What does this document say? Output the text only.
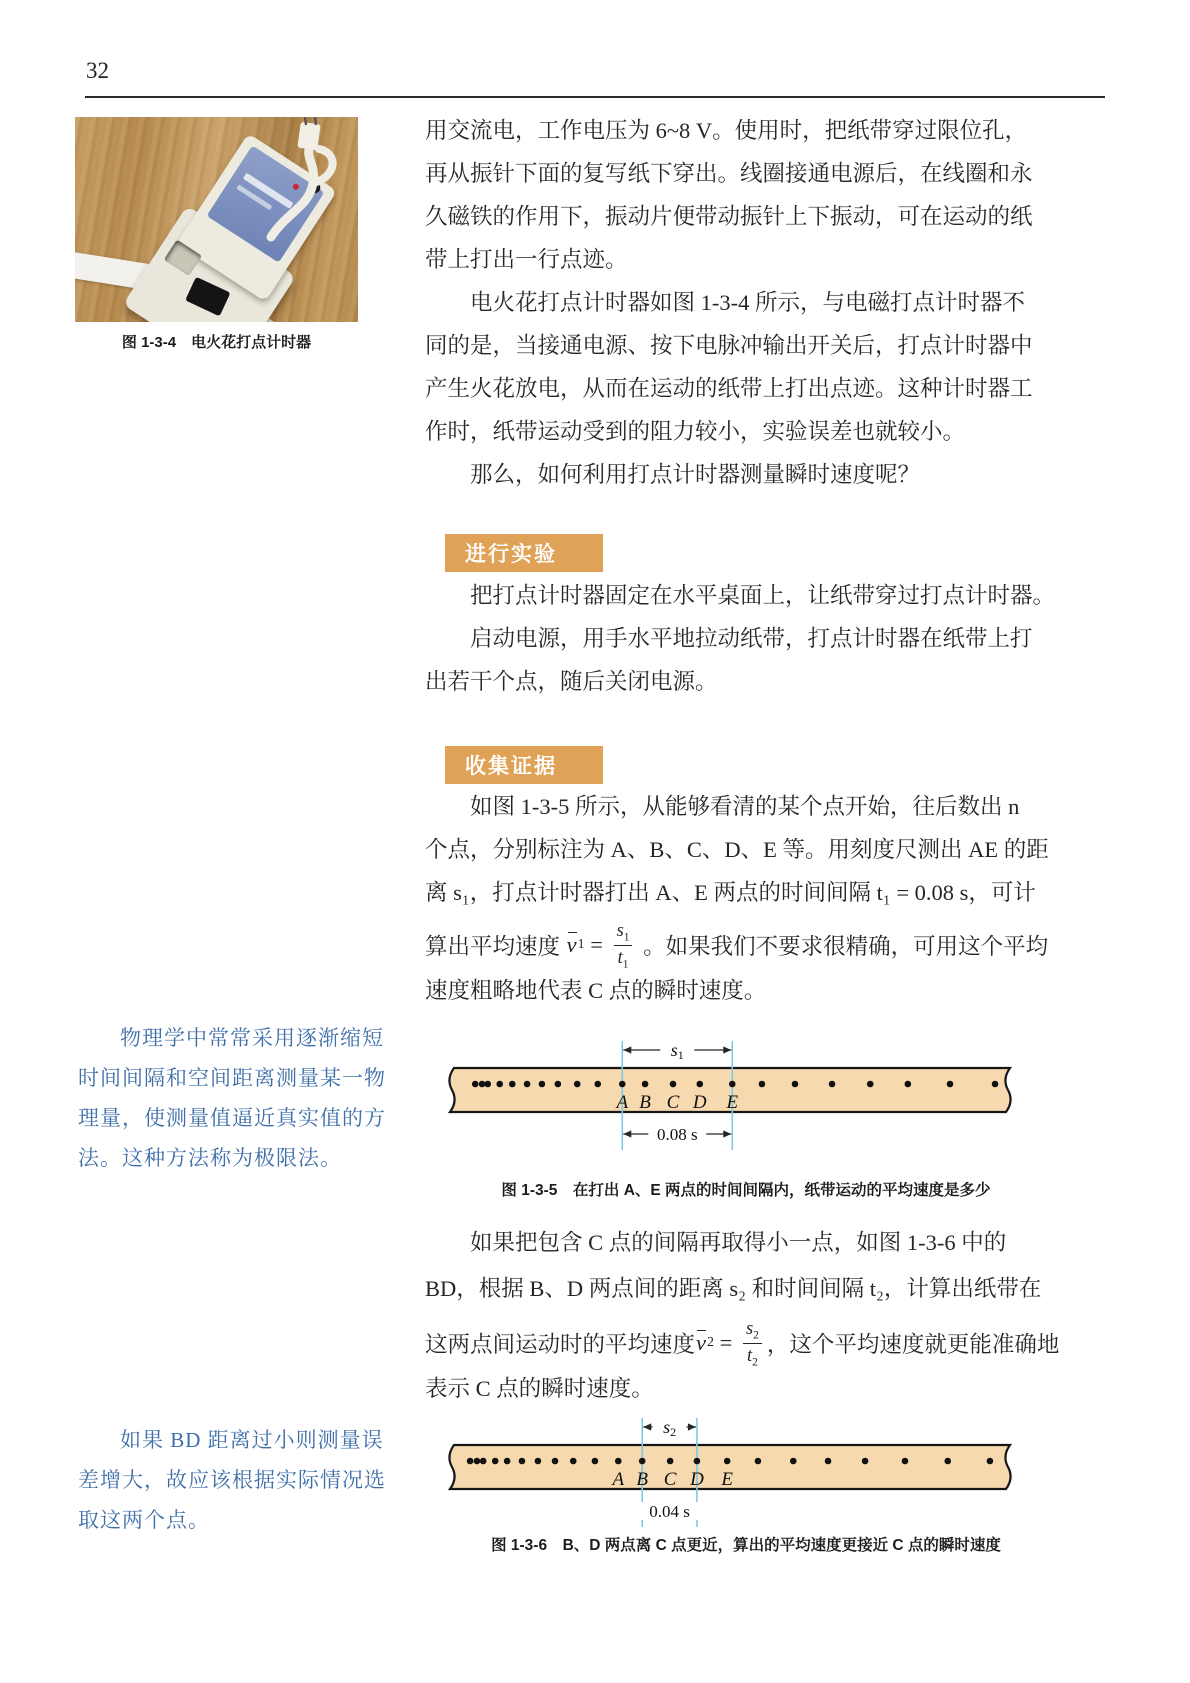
32
图 1-3-4　电火花打点计时器
用交流电，工作电压为 6~8 V。使用时，把纸带穿过限位孔，
再从振针下面的复写纸下穿出。线圈接通电源后，在线圈和永
久磁铁的作用下，振动片便带动振针上下振动，可在运动的纸
带上打出一行点迹。
电火花打点计时器如图 1-3-4 所示，与电磁打点计时器不
同的是，当接通电源、按下电脉冲输出开关后，打点计时器中
产生火花放电，从而在运动的纸带上打出点迹。这种计时器工
作时，纸带运动受到的阻力较小，实验误差也就较小。
那么，如何利用打点计时器测量瞬时速度呢？
进行实验
把打点计时器固定在水平桌面上，让纸带穿过打点计时器。
启动电源，用手水平地拉动纸带，打点计时器在纸带上打
出若干个点，随后关闭电源。
收集证据
如图 1-3-5 所示，从能够看清的某个点开始，往后数出 n
个点，分别标注为 A、B、C、D、E 等。用刻度尺测出 AE 的距
离 s₁，打点计时器打出 A、E 两点的时间间隔 t₁ = 0.08 s，可计
算出平均速度 v $1 = \frac{s_1}{t_1}$ 。如果我们不要求很精确，可用这个平均
速度粗略地代表 C 点的瞬时速度。
物理学中常常采用逐渐缩短
时间间隔和空间距离测量某一物
理量，使测量值逼近真实值的方
法。这种方法称为极限法。
A B C D E
s1
0.08 s
图 1-3-5　在打出 A、E 两点的时间间隔内，纸带运动的平均速度是多少
如果把包含 C 点的间隔再取得小一点，如图 1-3-6 中的
BD，根据 B、D 两点间的距离 s₂ 和时间间隔 t₂，计算出纸带在
这两点间运动时的平均速度 v $2 = \frac{s_2}{t_2}$ ，这个平均速度就更能准确地
表示 C 点的瞬时速度。
如果 BD 距离过小则测量误
差增大，故应该根据实际情况选
取这两个点。
A B C D E
s2
0.04 s
图 1-3-6　B、D 两点离 C 点更近，算出的平均速度更接近 C 点的瞬时速度
